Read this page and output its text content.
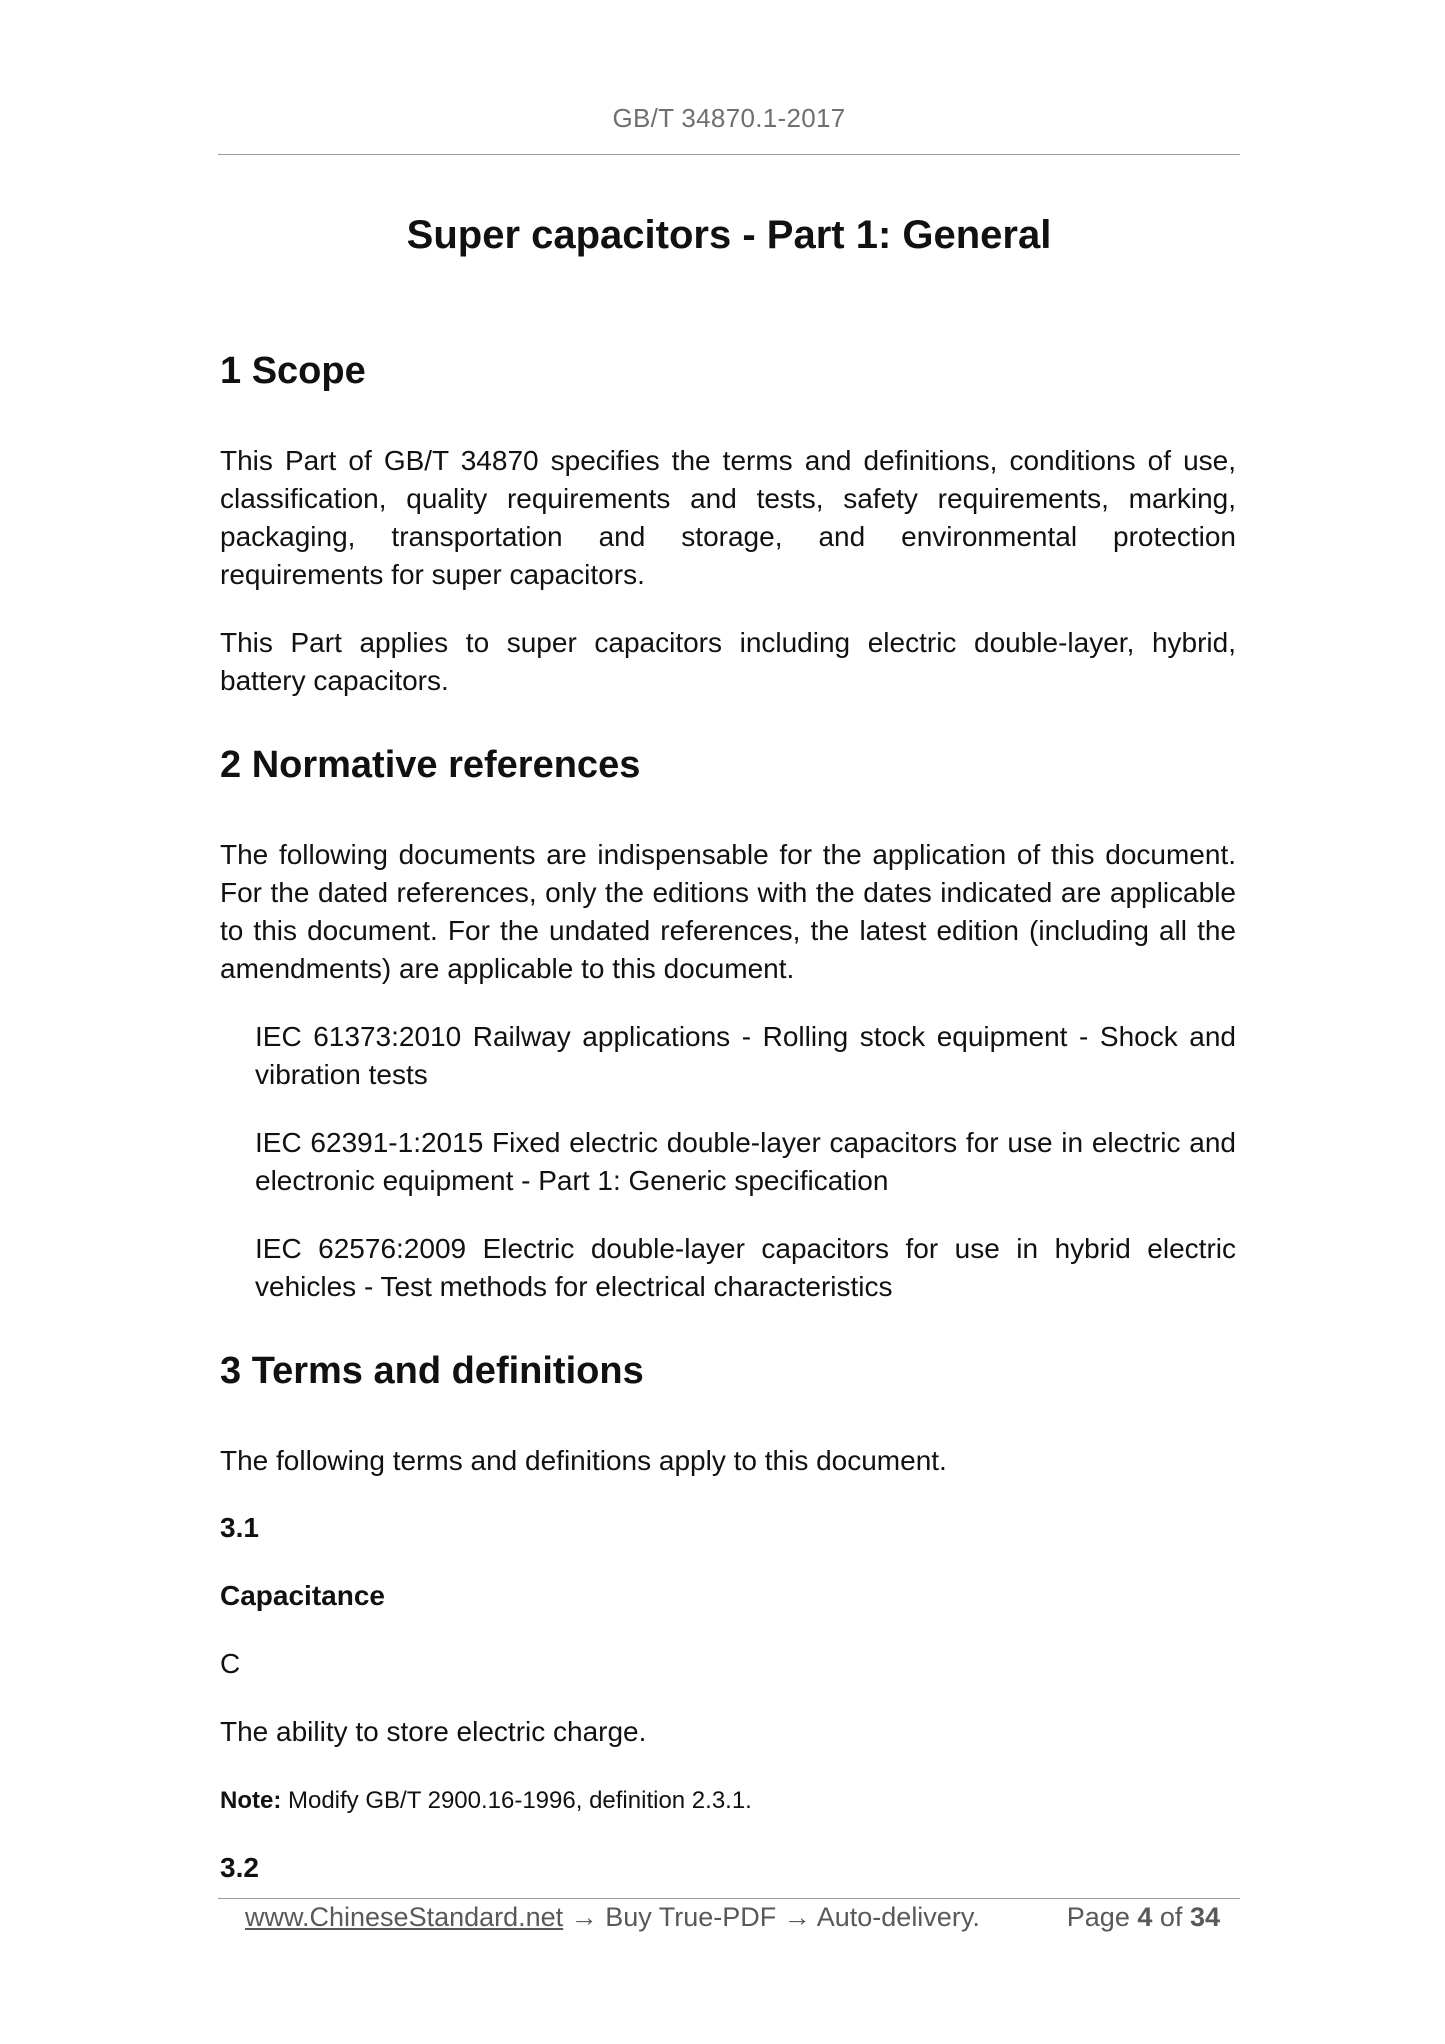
GB/T 34870.1-2017
Super capacitors - Part 1: General
1 Scope

This Part of GB/T 34870 specifies the terms and definitions, conditions of use, classification, quality requirements and tests, safety requirements, marking, packaging, transportation and storage, and environmental protection requirements for super capacitors.

This Part applies to super capacitors including electric double-layer, hybrid, battery capacitors.

2 Normative references

The following documents are indispensable for the application of this document. For the dated references, only the editions with the dates indicated are applicable to this document. For the undated references, the latest edition (including all the amendments) are applicable to this document.

IEC 61373:2010 Railway applications - Rolling stock equipment - Shock and vibration tests

IEC 62391-1:2015 Fixed electric double-layer capacitors for use in electric and electronic equipment - Part 1: Generic specification

IEC 62576:2009 Electric double-layer capacitors for use in hybrid electric vehicles - Test methods for electrical characteristics

3 Terms and definitions

The following terms and definitions apply to this document.

3.1

Capacitance

C

The ability to store electric charge.

Note: Modify GB/T 2900.16-1996, definition 2.3.1.

3.2

www.ChineseStandard.net → Buy True-PDF → Auto-delivery.	Page 4 of 34
